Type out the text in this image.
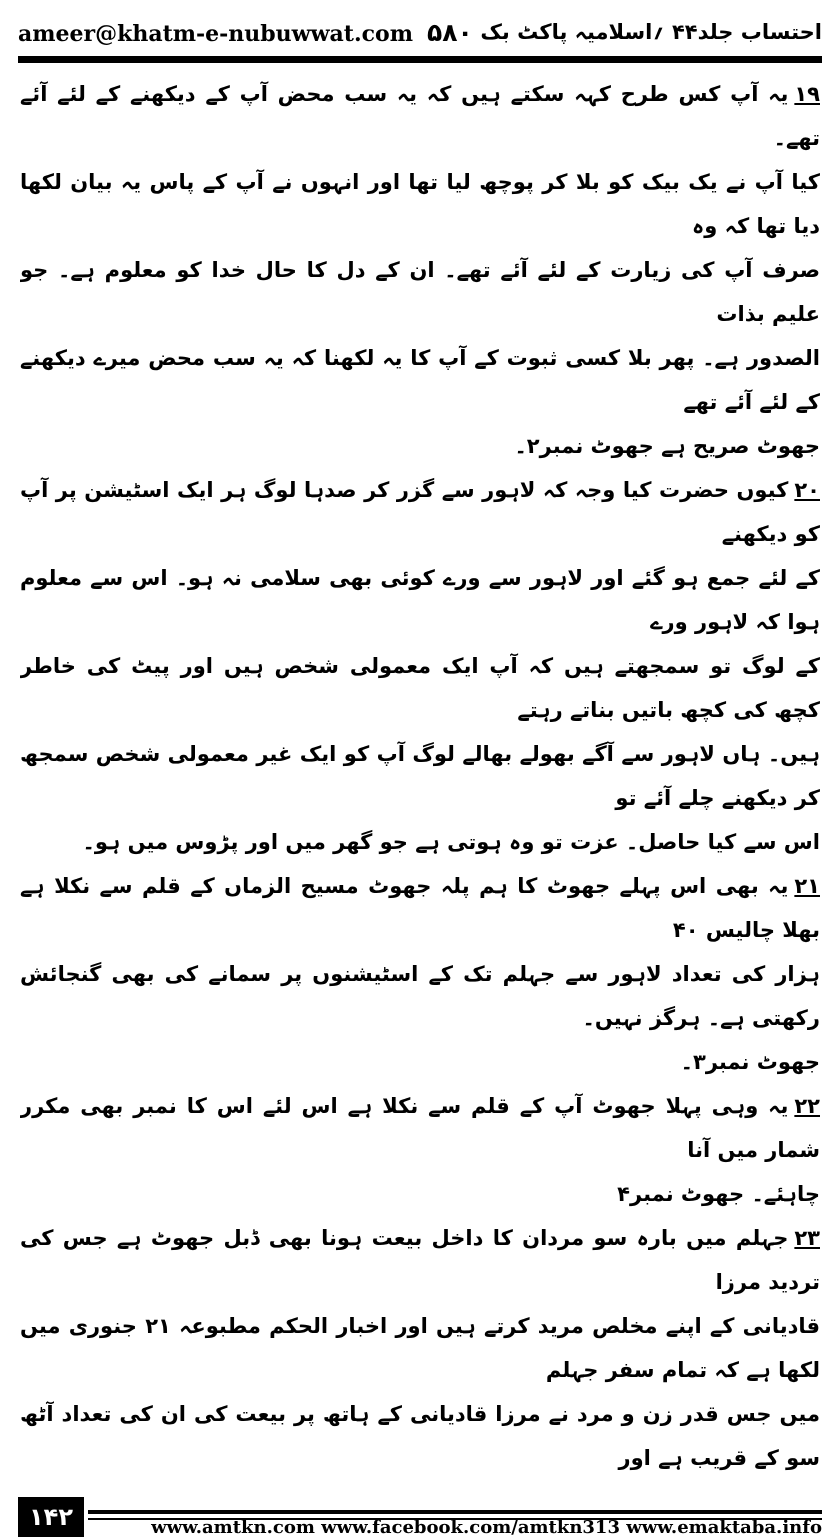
ameer@khatm-e-nubuwwat.com ۵۸۰ احتساب جلد۴۴ ؍اسلامیہ پاکٹ بک
۱۹یہ آپ کس طرح کہہ سکتے ہیں کہ یہ سب محض آپ کے دیکھنے کے لئے آئے تھے۔
کیا آپ نے یک بیک کو بلا کر پوچھ لیا تھا اور انہوں نے آپ کے پاس یہ بیان لکھا دیا تھا کہ وہ
صرف آپ کی زیارت کے لئے آئے تھے۔ ان کے دل کا حال خدا کو معلوم ہے۔ جو علیم بذات
الصدور ہے۔ پھر بلا کسی ثبوت کے آپ کا یہ لکھنا کہ یہ سب محض میرے دیکھنے کے لئے آئے تھے
جھوٹ صریح ہے جھوٹ نمبر۲۔
۲۰کیوں حضرت کیا وجہ کہ لاہور سے گزر کر صدہا لوگ ہر ایک اسٹیشن پر آپ کو دیکھنے
کے لئے جمع ہو گئے اور لاہور سے ورے کوئی بھی سلامی نہ ہو۔ اس سے معلوم ہوا کہ لاہور ورے
کے لوگ تو سمجھتے ہیں کہ آپ ایک معمولی شخص ہیں اور پیٹ کی خاطر کچھ کی کچھ باتیں بناتے رہتے
ہیں۔ ہاں لاہور سے آگے بھولے بھالے لوگ آپ کو ایک غیر معمولی شخص سمجھ کر دیکھنے چلے آئے تو
اس سے کیا حاصل۔ عزت تو وہ ہوتی ہے جو گھر میں اور پڑوس میں ہو۔
۲۱یہ بھی اس پہلے جھوٹ کا ہم پلہ جھوٹ مسیح الزماں کے قلم سے نکلا ہے بھلا چالیس ۴۰
ہزار کی تعداد لاہور سے جہلم تک کے اسٹیشنوں پر سمانے کی بھی گنجائش رکھتی ہے۔ ہرگز نہیں۔
جھوٹ نمبر۳۔
۲۲یہ وہی پہلا جھوٹ آپ کے قلم سے نکلا ہے اس لئے اس کا نمبر بھی مکرر شمار میں آنا
چاہئے۔ جھوٹ نمبر۴
۲۳جہلم میں بارہ سو مردان کا داخل بیعت ہونا بھی ڈبل جھوٹ ہے جس کی تردید مرزا
قادیانی کے اپنے مخلص مرید کرتے ہیں اور اخبار الحکم مطبوعہ ۲۱ جنوری میں لکھا ہے کہ تمام سفر جہلم
میں جس قدر زن و مرد نے مرزا قادیانی کے ہاتھ پر بیعت کی ان کی تعداد آٹھ سو کے قریب ہے اور
۱۴۲	www.amtkn.com www.facebook.com/amtkn313 www.emaktaba.info
